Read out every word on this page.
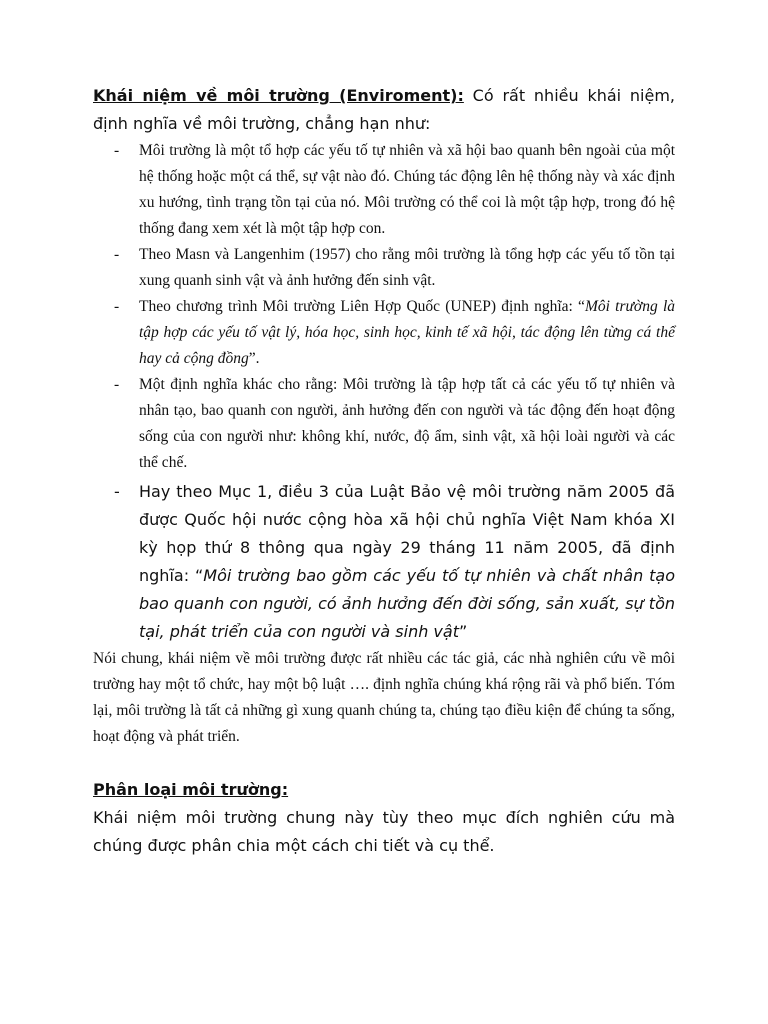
Khái niệm về môi trường (Enviroment): Có rất nhiều khái niệm, định nghĩa về môi trường, chẳng hạn như:

- Môi trường là một tổ hợp các yếu tố tự nhiên và xã hội bao quanh bên ngoài của một hệ thống hoặc một cá thể, sự vật nào đó. Chúng tác động lên hệ thống này và xác định xu hướng, tình trạng tồn tại của nó. Môi trường có thể coi là một tập hợp, trong đó hệ thống đang xem xét là một tập hợp con.
- Theo Masn và Langenhim (1957) cho rằng môi trường là tổng hợp các yếu tố tồn tại xung quanh sinh vật và ảnh hưởng đến sinh vật.
- Theo chương trình Môi trường Liên Hợp Quốc (UNEP) định nghĩa: “Môi trường là tập hợp các yếu tố vật lý, hóa học, sinh học, kinh tế xã hội, tác động lên từng cá thể hay cả cộng đồng”.
- Một định nghĩa khác cho rằng: Môi trường là tập hợp tất cả các yếu tố tự nhiên và nhân tạo, bao quanh con người, ảnh hưởng đến con người và tác động đến hoạt động sống của con người như: không khí, nước, độ ẩm, sinh vật, xã hội loài người và các thể chế.
- Hay theo Mục 1, điều 3 của Luật Bảo vệ môi trường năm 2005 đã được Quốc hội nước cộng hòa xã hội chủ nghĩa Việt Nam khóa XI kỳ họp thứ 8 thông qua ngày 29 tháng 11 năm 2005, đã định nghĩa: “Môi trường bao gồm các yếu tố tự nhiên và chất nhân tạo bao quanh con người, có ảnh hưởng đến đời sống, sản xuất, sự tồn tại, phát triển của con người và sinh vật”

Nói chung, khái niệm về môi trường được rất nhiều các tác giả, các nhà nghiên cứu về môi trường hay một tổ chức, hay một bộ luật …. định nghĩa chúng khá rộng rãi và phổ biến. Tóm lại, môi trường là tất cả những gì xung quanh chúng ta, chúng tạo điều kiện để chúng ta sống, hoạt động và phát triển.

Phân loại môi trường:

Khái niệm môi trường chung này tùy theo mục đích nghiên cứu mà chúng được phân chia một cách chi tiết và cụ thể.
